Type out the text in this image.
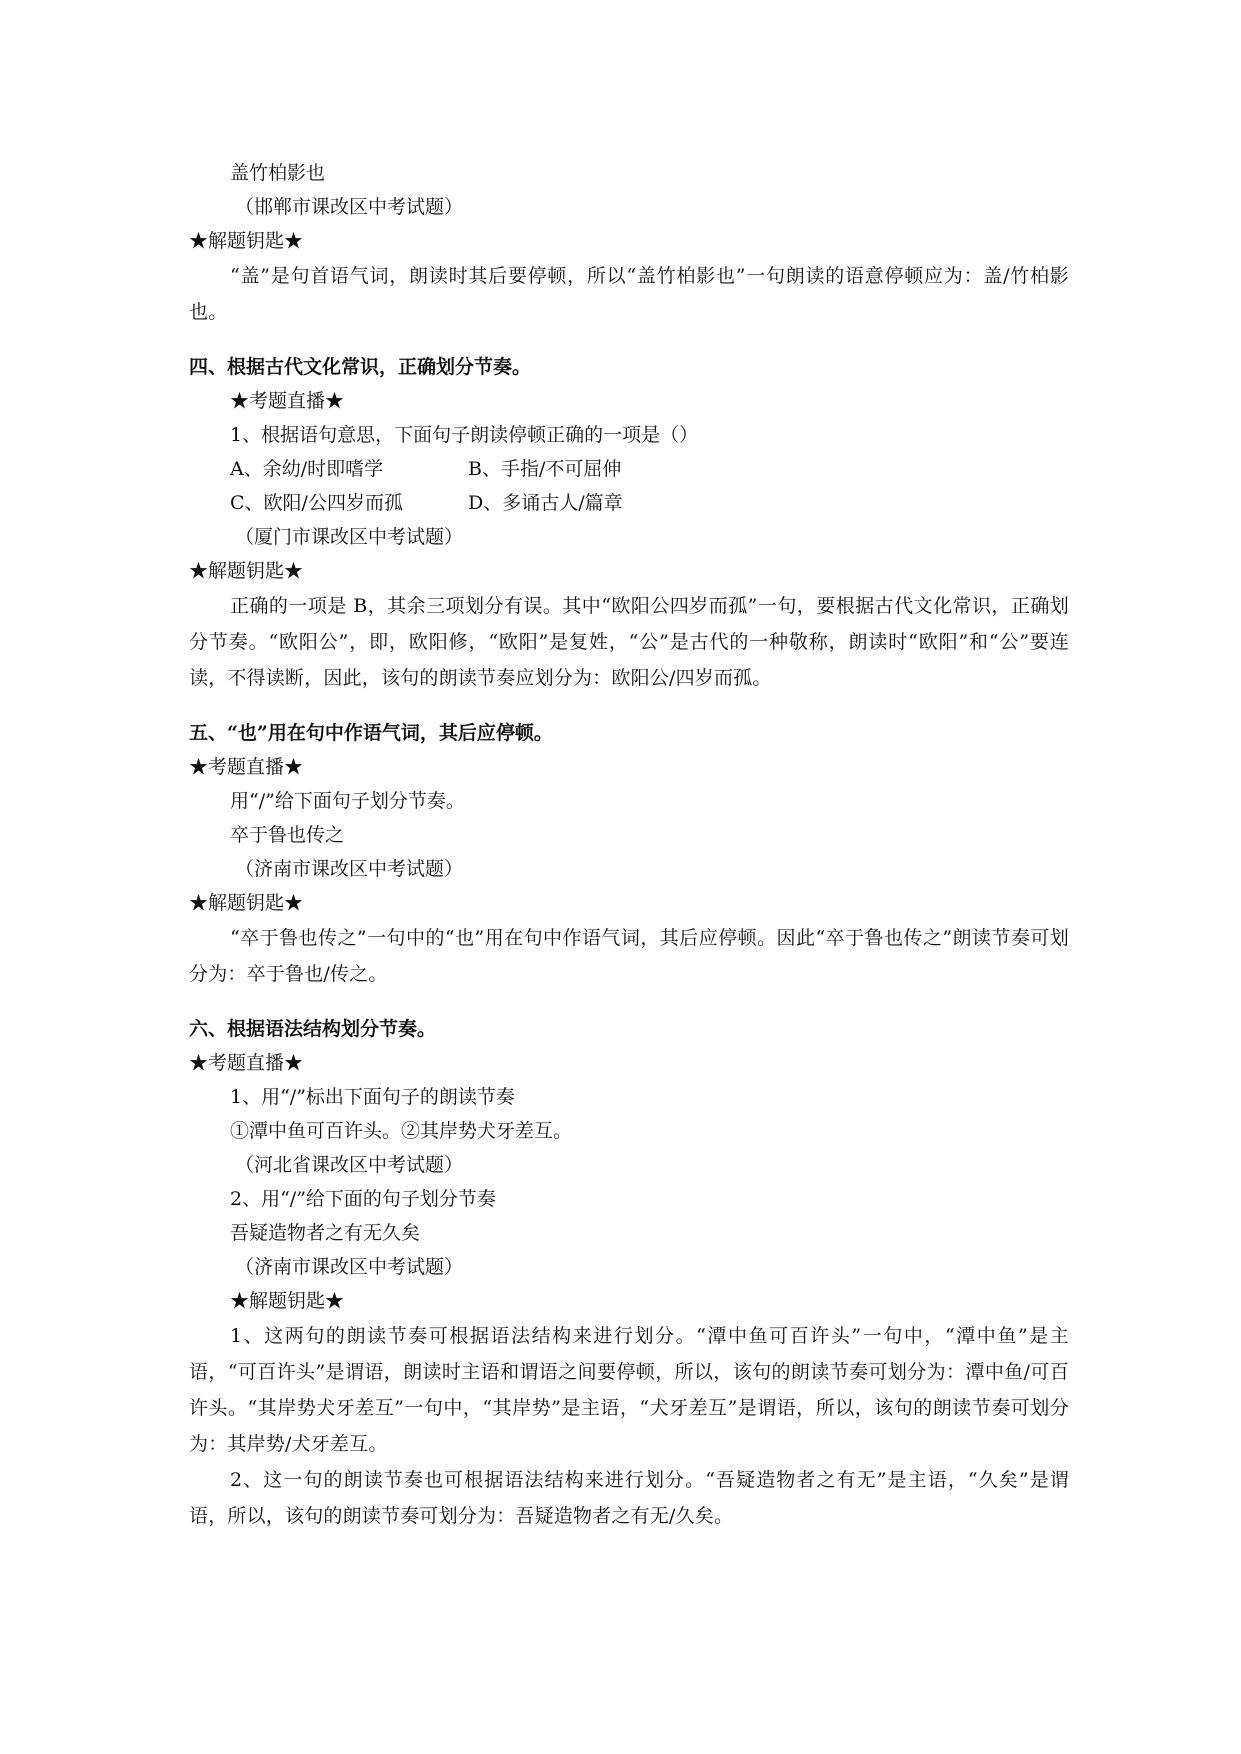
盖竹柏影也

（邯郸市课改区中考试题）

★解题钥匙★

“盖”是句首语气词，朗读时其后要停顿，所以“盖竹柏影也”一句朗读的语意停顿应为：盖/竹柏影也。

四、根据古代文化常识，正确划分节奏。

★考题直播★

1、根据语句意思，下面句子朗读停顿正确的一项是（）

A、余幼/时即嗜学	B、手指/不可屈伸

C、欧阳/公四岁而孤	D、多诵古人/篇章

（厦门市课改区中考试题）

★解题钥匙★

正确的一项是 B，其余三项划分有误。其中“欧阳公四岁而孤”一句，要根据古代文化常识，正确划分节奏。“欧阳公”，即，欧阳修，“欧阳”是复姓，“公”是古代的一种敬称，朗读时“欧阳”和“公”要连读，不得读断，因此，该句的朗读节奏应划分为：欧阳公/四岁而孤。

五、“也”用在句中作语气词，其后应停顿。

★考题直播★

用“/”给下面句子划分节奏。

卒于鲁也传之

（济南市课改区中考试题）

★解题钥匙★

“卒于鲁也传之”一句中的“也”用在句中作语气词，其后应停顿。因此“卒于鲁也传之”朗读节奏可划分为：卒于鲁也/传之。

六、根据语法结构划分节奏。

★考题直播★

1、用“/”标出下面句子的朗读节奏

①潭中鱼可百许头。②其岸势犬牙差互。

（河北省课改区中考试题）

2、用“/”给下面的句子划分节奏

吾疑造物者之有无久矣

（济南市课改区中考试题）

★解题钥匙★

1、这两句的朗读节奏可根据语法结构来进行划分。“潭中鱼可百许头”一句中，“潭中鱼”是主语，“可百许头”是谓语，朗读时主语和谓语之间要停顿，所以，该句的朗读节奏可划分为：潭中鱼/可百许头。“其岸势犬牙差互”一句中，“其岸势”是主语，“犬牙差互”是谓语，所以，该句的朗读节奏可划分为：其岸势/犬牙差互。

2、这一句的朗读节奏也可根据语法结构来进行划分。“吾疑造物者之有无”是主语，“久矣”是谓语，所以，该句的朗读节奏可划分为：吾疑造物者之有无/久矣。
